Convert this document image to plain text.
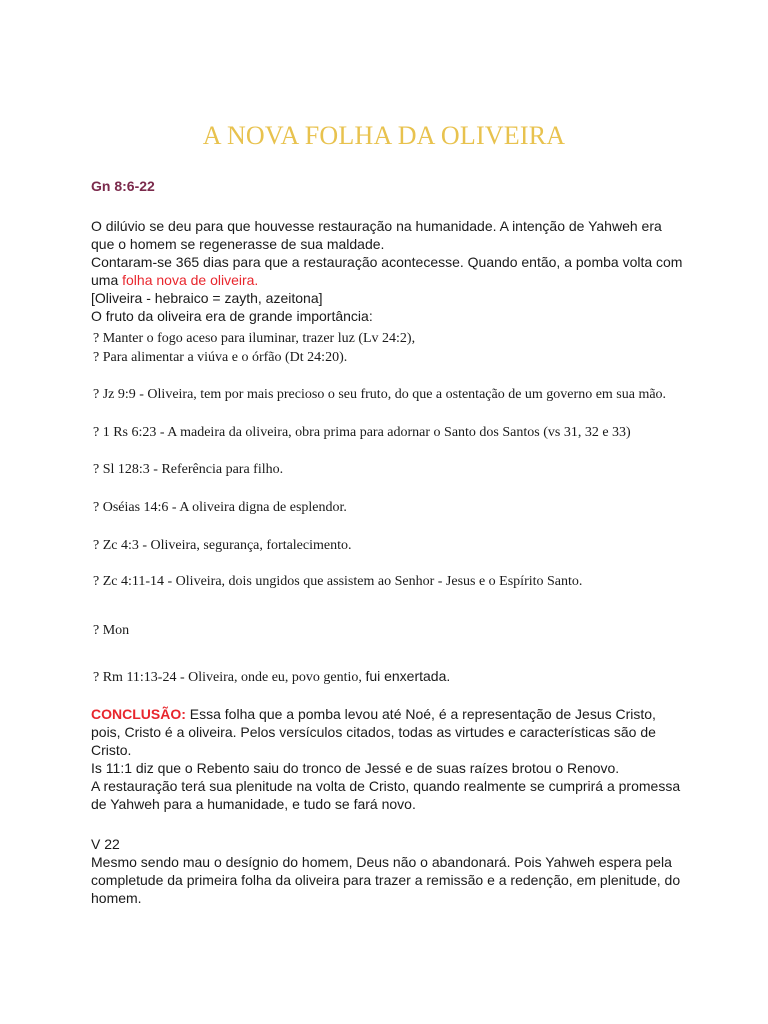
A NOVA FOLHA DA OLIVEIRA
Gn 8:6-22
O dilúvio se deu para que houvesse restauração na humanidade. A intenção de Yahweh era
que o homem se regenerasse de sua maldade.
Contaram-se 365 dias para que a restauração acontecesse. Quando então, a pomba volta com
uma folha nova de oliveira.
[Oliveira - hebraico = zayth, azeitona]
O fruto da oliveira era de grande importância:
? Manter o fogo aceso para iluminar, trazer luz (Lv 24:2),
? Para alimentar a viúva e o órfão (Dt 24:20).
? Jz 9:9 - Oliveira, tem por mais precioso o seu fruto, do que a ostentação de um governo em sua mão.
? 1 Rs 6:23 - A madeira da oliveira, obra prima para adornar o Santo dos Santos (vs 31, 32 e 33)
? Sl 128:3 - Referência para filho.
? Oséias 14:6 - A oliveira digna de esplendor.
? Zc 4:3 - Oliveira, segurança, fortalecimento.
? Zc 4:11-14 - Oliveira, dois ungidos que assistem ao Senhor - Jesus e o Espírito Santo.
? Mon
? Rm 11:13-24 - Oliveira, onde eu, povo gentio, fui enxertada.
CONCLUSÃO: Essa folha que a pomba levou até Noé, é a representação de Jesus Cristo,
pois, Cristo é a oliveira. Pelos versículos citados, todas as virtudes e características são de
Cristo.
Is 11:1 diz que o Rebento saiu do tronco de Jessé e de suas raízes brotou o Renovo.
A restauração terá sua plenitude na volta de Cristo, quando realmente se cumprirá a promessa
de Yahweh para a humanidade, e tudo se fará novo.
V 22
Mesmo sendo mau o desígnio do homem, Deus não o abandonará. Pois Yahweh espera pela
completude da primeira folha da oliveira para trazer a remissão e a redenção, em plenitude, do
homem.
